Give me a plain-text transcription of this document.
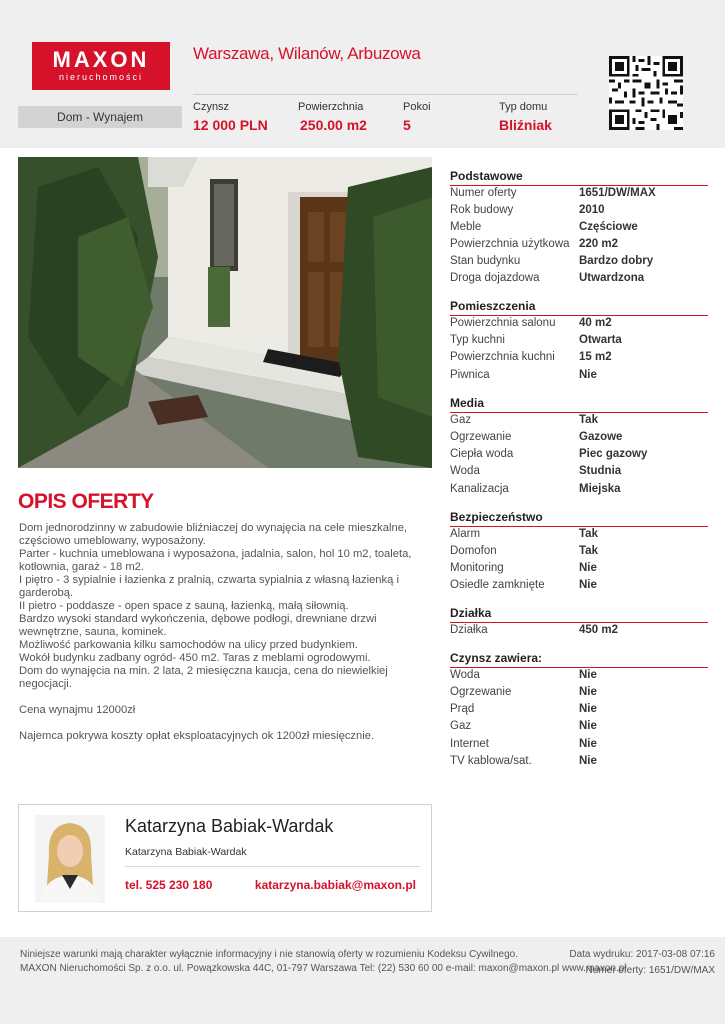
MAXON
nieruchomości
Warszawa, Wilanów, Arbuzowa
Dom - Wynajem
Czynsz
12 000 PLN
Powierzchnia
250.00 m2
Pokoi
5
Typ domu
Bliźniak
OPIS OFERTY

Dom jednorodzinny w zabudowie bliźniaczej do wynajęcia na cele mieszkalne, częściowo umeblowany, wyposażony.

Parter - kuchnia umeblowana i wyposażona, jadalnia, salon, hol 10 m2, toaleta, kotłownia, garaż - 18 m2.

I piętro - 3 sypialnie i łazienka z pralnią, czwarta sypialnia z własną łazienką i garderobą.

II pietro - poddasze - open space z sauną, łazienką, małą siłownią.

Bardzo wysoki standard wykończenia, dębowe podłogi, drewniane drzwi wewnętrzne, sauna, kominek.

Możliwość parkowania kilku samochodów na ulicy przed budynkiem.

Wokół budynku zadbany ogród- 450 m2. Taras z meblami ogrodowymi.

Dom do wynajęcia na min. 2 lata, 2 miesięczna kaucja, cena do niewielkiej negocjacji.

Cena wynajmu 12000zł

Najemca pokrywa koszty opłat eksploatacyjnych ok 1200zł miesięcznie.

Podstawowe
Numer oferty	1651/DW/MAX
Rok budowy	2010
Meble	Częściowe
Powierzchnia użytkowa 220 m2
Stan budynku	Bardzo dobry
Droga dojazdowa	Utwardzona
Pomieszczenia
Powierzchnia salonu 40 m2
Typ kuchni	Otwarta
Powierzchnia kuchni 15 m2
Piwnica	Nie
Media
Gaz	Tak
Ogrzewanie	Gazowe
Ciepła woda	Piec gazowy
Woda	Studnia
Kanalizacja	Miejska
Bezpieczeństwo
Alarm	Tak
Domofon	Tak
Monitoring	Nie
Osiedle zamknięte	Nie
Działka
Działka	450 m2
Czynsz zawiera:
Woda	Nie
Ogrzewanie	Nie
Prąd	Nie
Gaz	Nie
Internet	Nie
TV kablowa/sat.	Nie
Katarzyna Babiak-Wardak
Katarzyna Babiak-Wardak
tel. 525 230 180	katarzyna.babiak@maxon.pl
Niniejsze warunki mają charakter wyłącznie informacyjny i nie stanowią oferty w rozumieniu Kodeksu Cywilnego.
MAXON Nieruchomości Sp. z o.o. ul. Powązkowska 44C, 01-797 Warszawa Tel: (22) 530 60 00 e-mail: maxon@maxon.pl www.maxon.pl
Data wydruku: 2017-03-08 07:16
Numer oferty: 1651/DW/MAX
